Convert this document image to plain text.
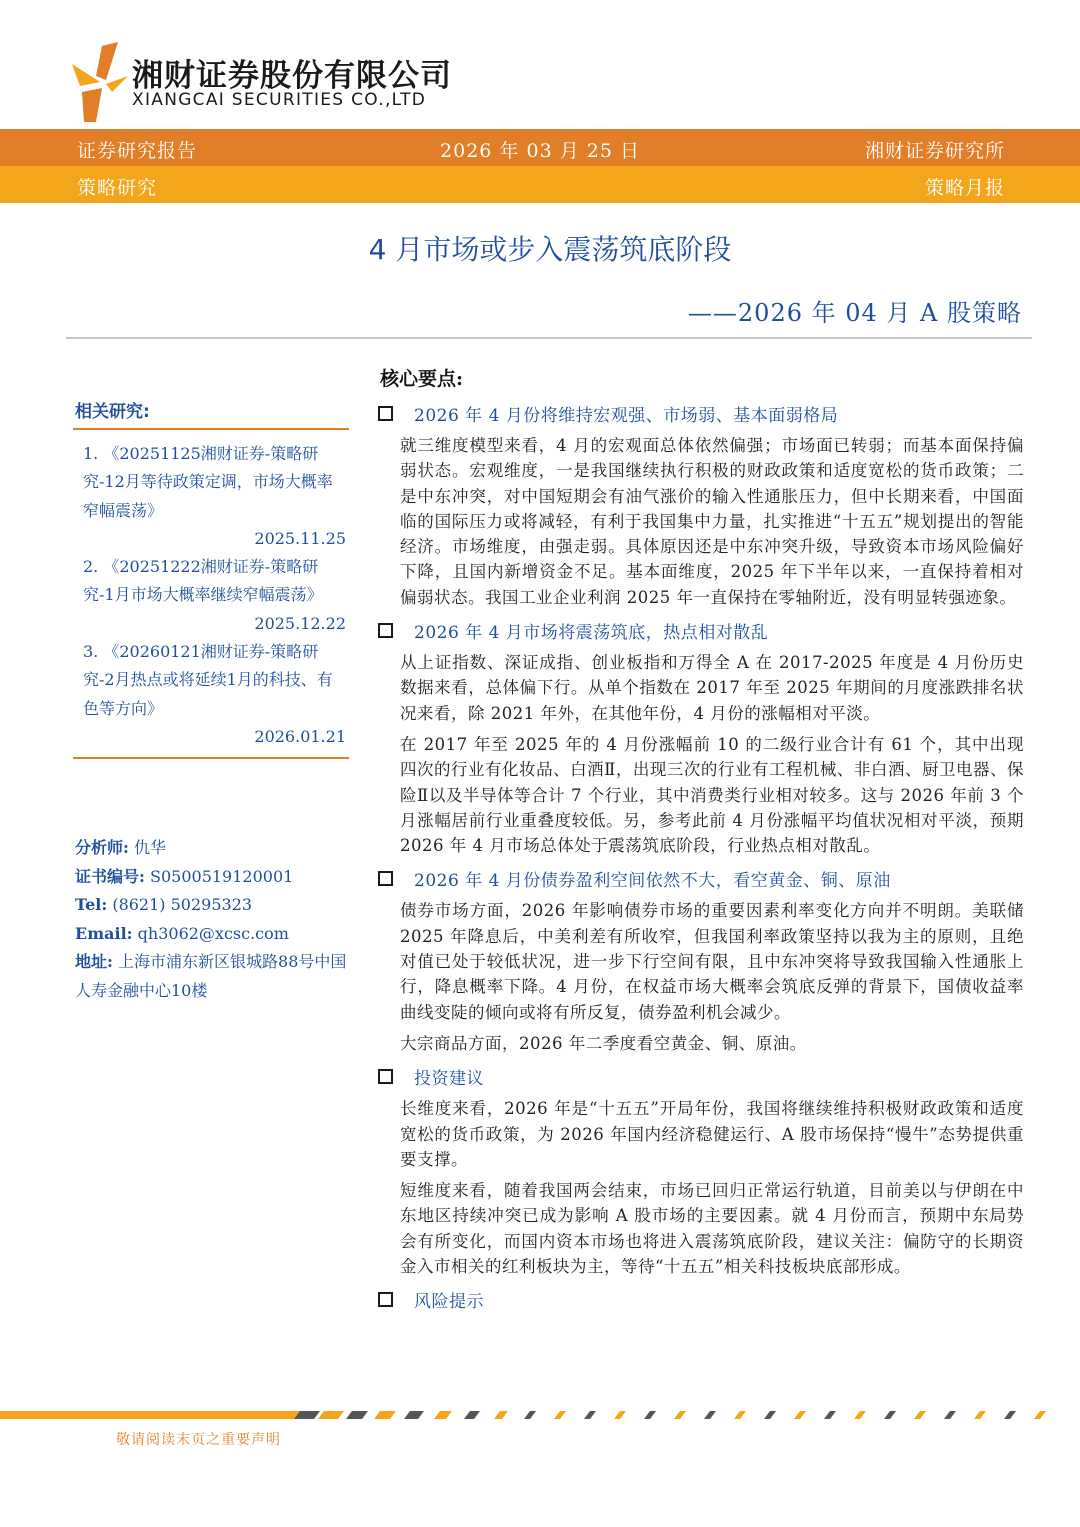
湘财证券股份有限公司
XIANGCAI SECURITIES CO.,LTD
证券研究报告	2026 年 03 月 25 日	湘财证券研究所
策略研究	策略月报
4 月市场或步入震荡筑底阶段
——2026 年 04 月 A 股策略
相关研究:
1. 《20251125湘财证券-策略研究-12月等待政策定调，市场大概率窄幅震荡》
2025.11.25
2. 《20251222湘财证券-策略研究-1月市场大概率继续窄幅震荡》
2025.12.22
3. 《20260121湘财证券-策略研究-2月热点或将延续1月的科技、有色等方向》
2026.01.21
分析师: 仇华
证书编号: S0500519120001
Tel: (8621) 50295323
Email: qh3062@xcsc.com
地址: 上海市浦东新区银城路88号中国人寿金融中心10楼
核心要点:
2026 年 4 月份将维持宏观强、市场弱、基本面弱格局
就三维度模型来看，4 月的宏观面总体依然偏强；市场面已转弱；而基本面保持偏弱状态。宏观维度，一是我国继续执行积极的财政政策和适度宽松的货币政策；二是中东冲突，对中国短期会有油气涨价的输入性通胀压力，但中长期来看，中国面临的国际压力或将减轻，有利于我国集中力量，扎实推进“十五五”规划提出的智能经济。市场维度，由强走弱。具体原因还是中东冲突升级，导致资本市场风险偏好下降，且国内新增资金不足。基本面维度，2025 年下半年以来，一直保持着相对偏弱状态。我国工业企业利润 2025 年一直保持在零轴附近，没有明显转强迹象。
2026 年 4 月市场将震荡筑底，热点相对散乱
从上证指数、深证成指、创业板指和万得全 A 在 2017-2025 年度是 4 月份历史数据来看，总体偏下行。从单个指数在 2017 年至 2025 年期间的月度涨跌排名状况来看，除 2021 年外，在其他年份，4 月份的涨幅相对平淡。
在 2017 年至 2025 年的 4 月份涨幅前 10 的二级行业合计有 61 个，其中出现四次的行业有化妆品、白酒Ⅱ，出现三次的行业有工程机械、非白酒、厨卫电器、保险Ⅱ以及半导体等合计 7 个行业，其中消费类行业相对较多。这与 2026 年前 3 个月涨幅居前行业重叠度较低。另，参考此前 4 月份涨幅平均值状况相对平淡，预期 2026 年 4 月市场总体处于震荡筑底阶段，行业热点相对散乱。
2026 年 4 月份债券盈利空间依然不大，看空黄金、铜、原油
债券市场方面，2026 年影响债券市场的重要因素利率变化方向并不明朗。美联储 2025 年降息后，中美利差有所收窄，但我国利率政策坚持以我为主的原则，且绝对值已处于较低状况，进一步下行空间有限，且中东冲突将导致我国输入性通胀上行，降息概率下降。4 月份，在权益市场大概率会筑底反弹的背景下，国债收益率曲线变陡的倾向或将有所反复，债券盈利机会减少。
大宗商品方面，2026 年二季度看空黄金、铜、原油。
投资建议
长维度来看，2026 年是“十五五”开局年份，我国将继续维持积极财政政策和适度宽松的货币政策，为 2026 年国内经济稳健运行、A 股市场保持“慢牛”态势提供重要支撑。
短维度来看，随着我国两会结束，市场已回归正常运行轨道，目前美以与伊朗在中东地区持续冲突已成为影响 A 股市场的主要因素。就 4 月份而言，预期中东局势会有所变化，而国内资本市场也将进入震荡筑底阶段，建议关注：偏防守的长期资金入市相关的红利板块为主，等待“十五五”相关科技板块底部形成。
风险提示
敬请阅读末页之重要声明
